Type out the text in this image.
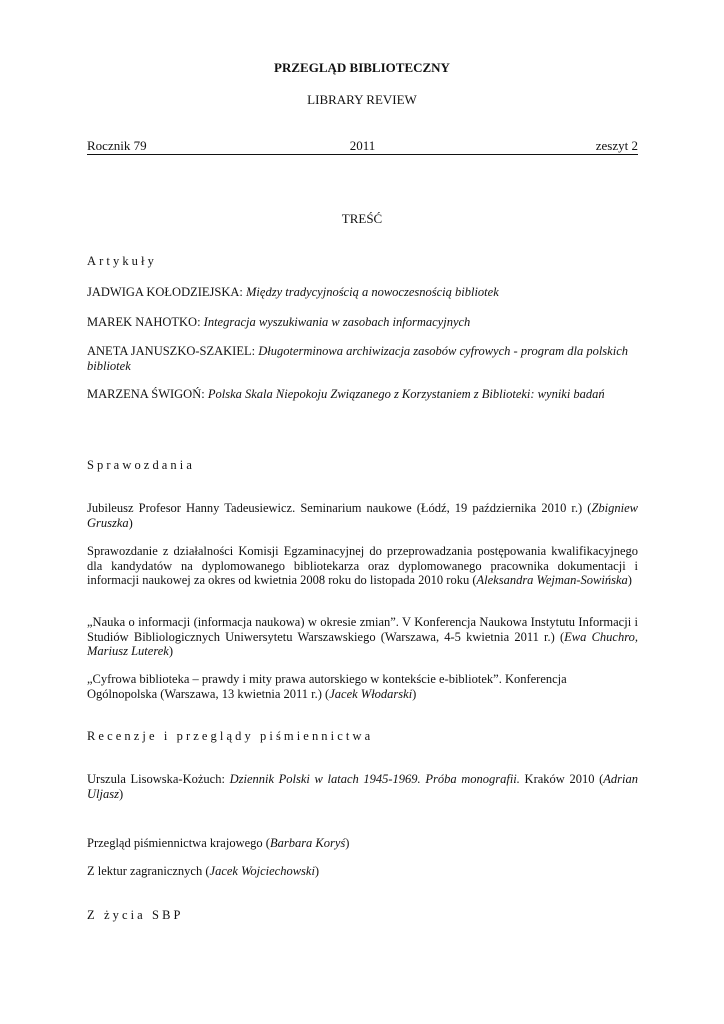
PRZEGLĄD BIBLIOTECZNY
LIBRARY REVIEW
2011
Rocznik 79	zeszyt 2
TREŚĆ
Artykuły
JADWIGA KOŁODZIEJSKA: Między tradycyjnością a nowoczesnością bibliotek
MAREK NAHOTKO: Integracja wyszukiwania w zasobach informacyjnych
ANETA JANUSZKO-SZAKIEL: Długoterminowa archiwizacja zasobów cyfrowych - program dla polskich bibliotek
MARZENA ŚWIGOŃ: Polska Skala Niepokoju Związanego z Korzystaniem z Biblioteki: wyniki badań
Sprawozdania
Jubileusz Profesor Hanny Tadeusiewicz. Seminarium naukowe (Łódź, 19 października 2010 r.) (Zbigniew Gruszka)
Sprawozdanie z działalności Komisji Egzaminacyjnej do przeprowadzania postępowania kwalifikacyjnego dla kandydatów na dyplomowanego bibliotekarza oraz dyplomowanego pracownika dokumentacji i informacji naukowej za okres od kwietnia 2008 roku do listopada 2010 roku (Aleksandra Wejman-Sowińska)
„Nauka o informacji (informacja naukowa) w okresie zmian”. V Konferencja Naukowa Instytutu Informacji i Studiów Bibliologicznych Uniwersytetu Warszawskiego (Warszawa, 4-5 kwietnia 2011 r.) (Ewa Chuchro, Mariusz Luterek)
„Cyfrowa biblioteka – prawdy i mity prawa autorskiego w kontekście e-bibliotek”. Konferencja Ogólnopolska (Warszawa, 13 kwietnia 2011 r.) (Jacek Włodarski)
Recenzje i przeglądy piśmiennictwa
Urszula Lisowska-Kożuch: Dziennik Polski w latach 1945-1969. Próba monografii. Kraków 2010 (Adrian Uljasz)
Przegląd piśmiennictwa krajowego (Barbara Koryś)
Z lektur zagranicznych (Jacek Wojciechowski)
Z życia SBP
